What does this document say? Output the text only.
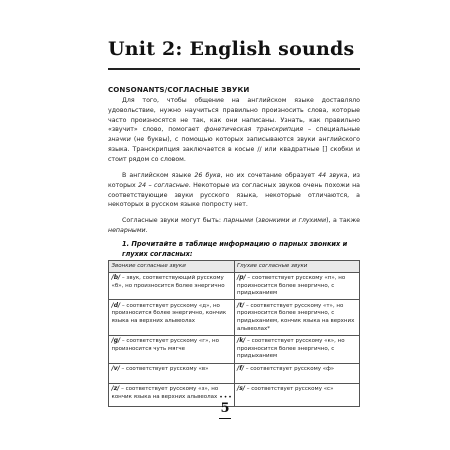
Unit 2: English sounds
CONSONANTS/СОГЛАСНЫЕ ЗВУКИ

Для того, чтобы общение на английском языке доставляло удовольствие, нужно научиться правильно произносить слова, которые часто произносятся не так, как они написаны. Узнать, как правильно «звучит» слово, помогает фонетическая транскрипция – специальные значки (не буквы), с помощью которых записываются звуки английского языка. Транскрипция заключается в косые // или квадратные [] скобки и стоит рядом со словом.

В английском языке 26 букв, но их сочетание образует 44 звука, из которых 24 – согласные. Некоторые из согласных звуков очень похожи на соответствующие звуки русского языка, некоторые отличаются, а некоторых в русском языке попросту нет.

Согласные звуки могут быть: парными (звонкими и глухими), а также непарными.

1. Прочитайте в таблице информацию о парных звонких и глухих согласных:
Звонкие согласные звуки	Глухие согласные звуки
/b/ – звук, соответствующий русскому «б», но произносится более энергично	/p/ – соответствует русскому «п», но произносится более энергично, с придыханием
/d/ – соответствует русскому «д», но произносится более энергично, кончик языка на верхних альвеолах	/t/ – соответствует русскому «т», но произносится более энергично, с придыханием, кончик языка на верхних альвеолах*
/g/ – соответствует русскому «г», но произносится чуть мягче	/k/ – соответствует русскому «к», но произносится более энергично, с придыханием
/v/ – соответствует русскому «в»	/f/ – соответствует русскому «ф»
/z/ – соответствует русскому «з», но кончик языка на верхних альвеолах	/s/ – соответствует русскому «с»
•••
5
